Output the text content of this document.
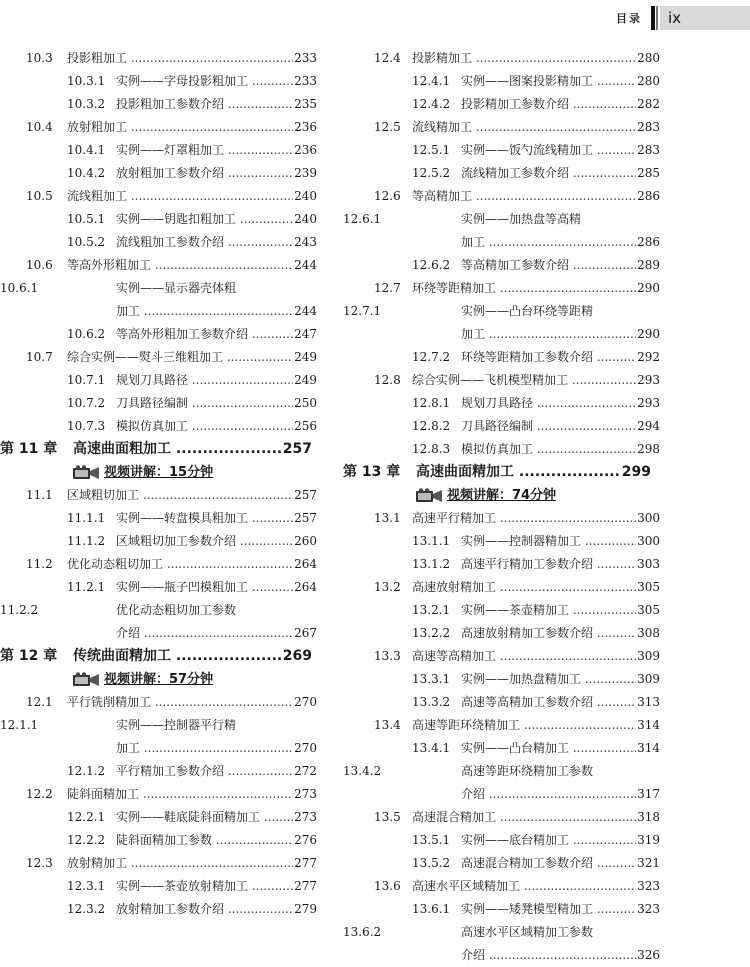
目录 ix
10.3 投影粗加工 .....	233
10.3.1 实例——字母投影粗加工 .....	233
10.3.2 投影粗加工参数介绍 .....	235
10.4 放射粗加工 .....	236
10.4.1 实例——灯罩粗加工 .....	236
10.4.2 放射粗加工参数介绍 .....	239
10.5 流线粗加工 .....	240
10.5.1 实例——钥匙扣粗加工 .....	240
10.5.2 流线粗加工参数介绍 .....	243
10.6 等高外形粗加工 .....	244
10.6.1	实例——显示器壳体粗
加工 .....	244
10.6.2 等高外形粗加工参数介绍 .....	247
10.7 综合实例——熨斗三维粗加工 .....	249
10.7.1 规划刀具路径 .....	249
10.7.2 刀具路径编制 .....	250
10.7.3 模拟仿真加工 .....	256
第 11 章 高速曲面粗加工 .....	257
视频讲解：15分钟
11.1 区域粗切加工 .....	257
11.1.1 实例——转盘模具粗加工 .....	257
11.1.2 区域粗切加工参数介绍 .....	260
11.2 优化动态粗切加工 .....	264
11.2.1 实例——瓶子凹模粗加工 .....	264
11.2.2	优化动态粗切加工参数
介绍 .....	267
第 12 章 传统曲面精加工 .....	269
视频讲解：57分钟
12.1 平行铣削精加工 .....	270
12.1.1	实例——控制器平行精
加工 .....	270
12.1.2 平行精加工参数介绍 .....	272
12.2 陡斜面精加工 .....	273
12.2.1 实例——鞋底陡斜面精加工 .....	273
12.2.2 陡斜面精加工参数 .....	276
12.3 放射精加工 .....	277
12.3.1 实例——茶壶放射精加工 .....	277
12.3.2 放射精加工参数介绍 .....	279
12.4 投影精加工 .....	280
12.4.1 实例——图案投影精加工 .....	280
12.4.2 投影精加工参数介绍 .....	282
12.5 流线精加工 .....	283
12.5.1 实例——饭勺流线精加工 .....	283
12.5.2 流线精加工参数介绍 .....	285
12.6 等高精加工 .....	286
12.6.1	实例——加热盘等高精
加工 .....	286
12.6.2 等高精加工参数介绍 .....	289
12.7 环绕等距精加工 .....	290
12.7.1	实例——凸台环绕等距精
加工 .....	290
12.7.2 环绕等距精加工参数介绍 .....	292
12.8 综合实例——飞机模型精加工 .....	293
12.8.1 规划刀具路径 .....	293
12.8.2 刀具路径编制 .....	294
12.8.3 模拟仿真加工 .....	298
第 13 章 高速曲面精加工 .....	299
视频讲解：74分钟
13.1 高速平行精加工 .....	300
13.1.1 实例——控制器精加工 .....	300
13.1.2 高速平行精加工参数介绍 .....	303
13.2 高速放射精加工 .....	305
13.2.1 实例——茶壶精加工 .....	305
13.2.2 高速放射精加工参数介绍 .....	308
13.3 高速等高精加工 .....	309
13.3.1 实例——加热盘精加工 .....	309
13.3.2 高速等高精加工参数介绍 .....	313
13.4 高速等距环绕精加工 .....	314
13.4.1 实例——凸台精加工 .....	314
13.4.2	高速等距环绕精加工参数
介绍 .....	317
13.5 高速混合精加工 .....	318
13.5.1 实例——底台精加工 .....	319
13.5.2 高速混合精加工参数介绍 .....	321
13.6 高速水平区域精加工 .....	323
13.6.1 实例——矮凳模型精加工 .....	323
13.6.2	高速水平区域精加工参数
介绍 .....	326
